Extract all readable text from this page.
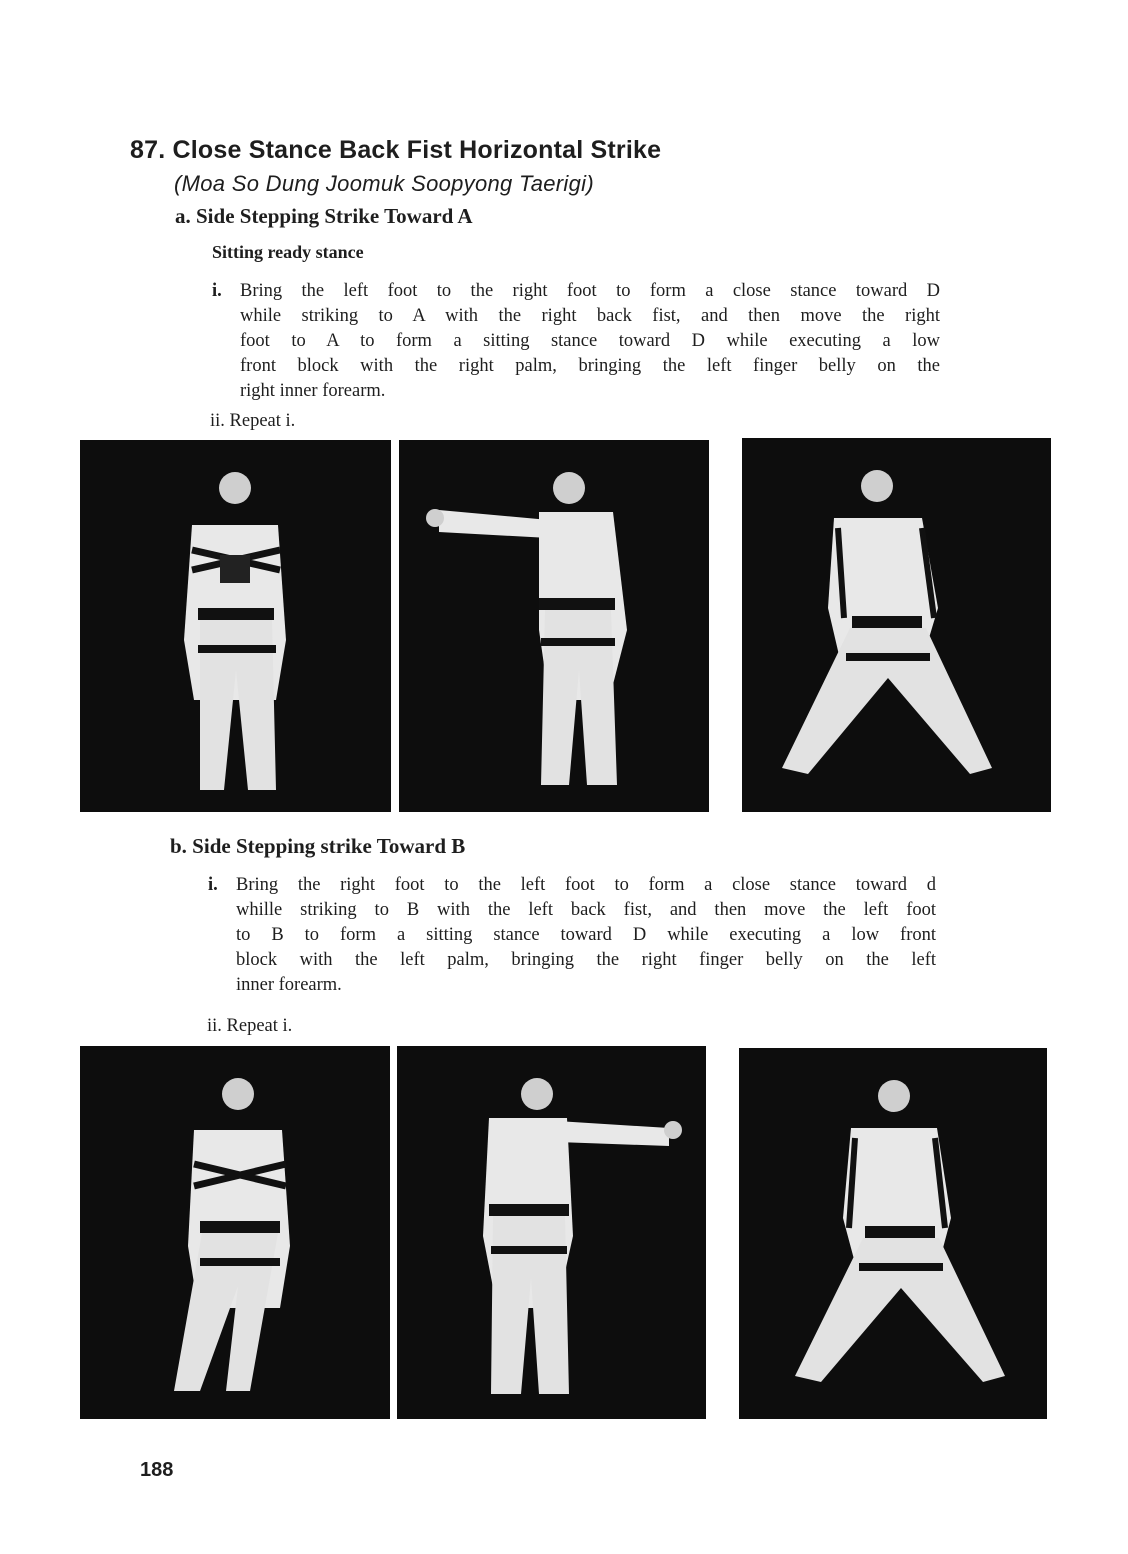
87. Close Stance Back Fist Horizontal Strike
(Moa So Dung Joomuk Soopyong Taerigi)
a. Side Stepping Strike Toward A
Sitting ready stance
i. Bring the left foot to the right foot to form a close stance toward D
while striking to A with the right back fist, and then move the right
foot to A to form a sitting stance toward D while executing a low
front block with the right palm, bringing the left finger belly on the
right inner forearm.
ii. Repeat i.
b. Side Stepping strike Toward B
i. Bring the right foot to the left foot to form a close stance toward d
whille striking to B with the left back fist, and then move the left foot
to B to form a sitting stance toward D while executing a low front
block with the left palm, bringing the right finger belly on the left
inner forearm.
ii. Repeat i.
188
